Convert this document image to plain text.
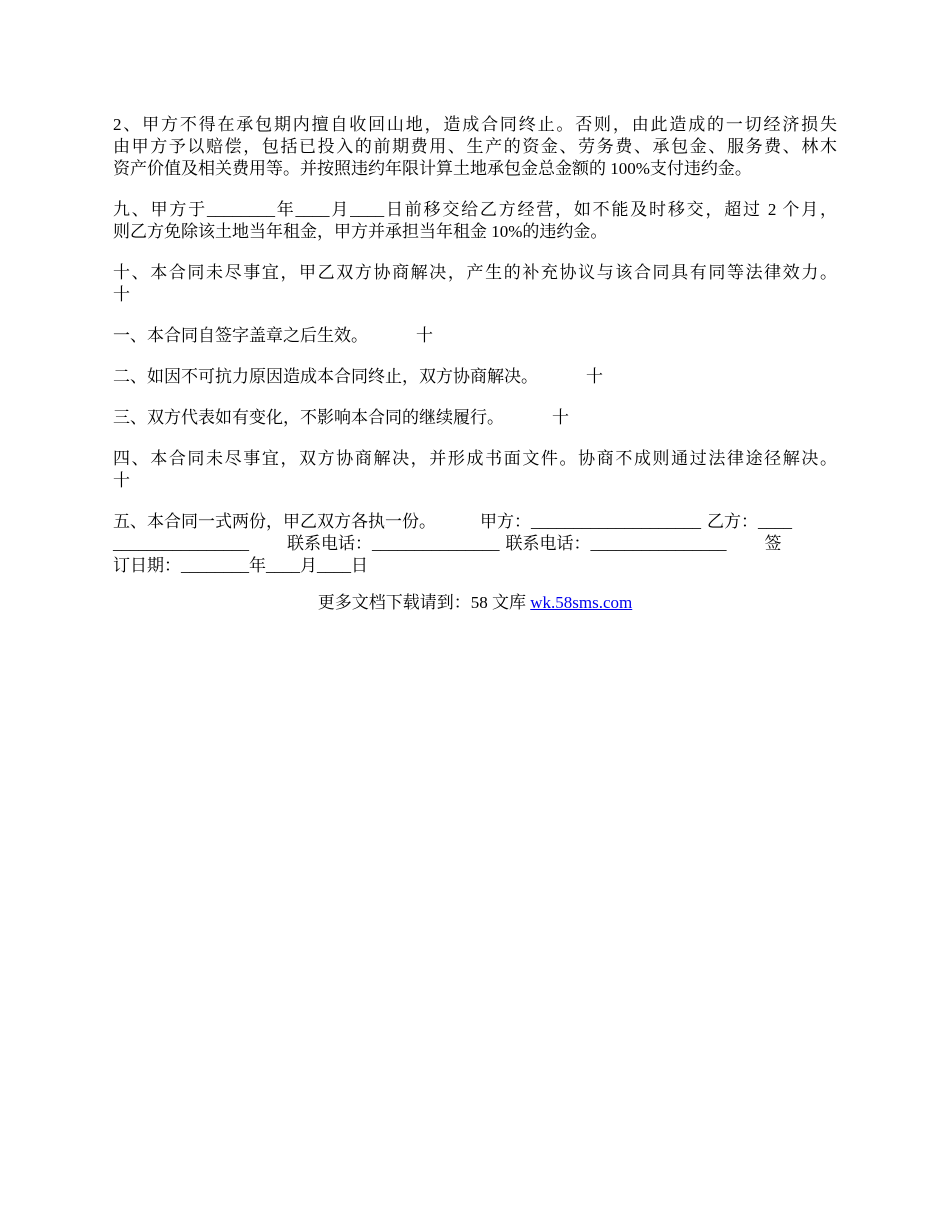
2、甲方不得在承包期内擅自收回山地，造成合同终止。否则，由此造成的一切经济损失
由甲方予以赔偿，包括已投入的前期费用、生产的资金、劳务费、承包金、服务费、林木
资产价值及相关费用等。并按照违约年限计算土地承包金总金额的 100%支付违约金。

九、甲方于________年____月____日前移交给乙方经营，如不能及时移交，超过 2 个月，
则乙方免除该土地当年租金，甲方并承担当年租金 10%的违约金。

十、本合同未尽事宜，甲乙双方协商解决，产生的补充协议与该合同具有同等法律效力。
十

一、本合同自签字盖章之后生效。	十

二、如因不可抗力原因造成本合同终止，双方协商解决。	十

三、双方代表如有变化，不影响本合同的继续履行。	十

四、本合同未尽事宜，双方协商解决，并形成书面文件。协商不成则通过法律途径解决。
十

五、本合同一式两份，甲乙双方各执一份。	甲方：____________________ 乙方：____
________________ 联系电话：_______________ 联系电话：________________ 签
订日期：________年____月____日

更多文档下载请到：58 文库 wk.58sms.com
